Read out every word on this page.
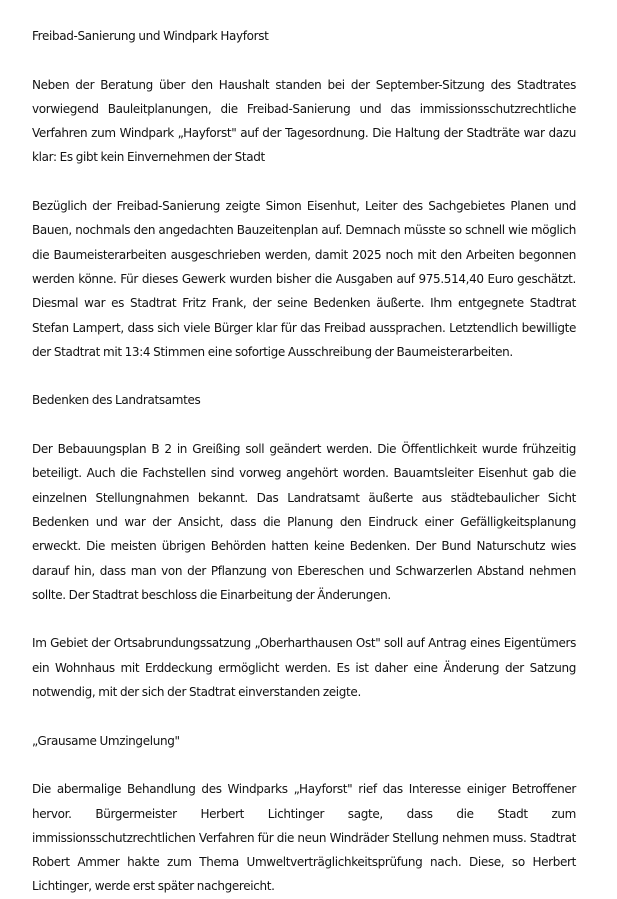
Freibad-Sanierung und Windpark Hayforst

Neben der Beratung über den Haushalt standen bei der September-Sitzung des Stadtrates vorwiegend Bauleitplanungen, die Freibad-Sanierung und das immissionsschutzrechtliche Verfahren zum Windpark „Hayforst" auf der Tagesordnung. Die Haltung der Stadträte war dazu klar: Es gibt kein Einvernehmen der Stadt

Bezüglich der Freibad-Sanierung zeigte Simon Eisenhut, Leiter des Sachgebietes Planen und Bauen, nochmals den angedachten Bauzeitenplan auf. Demnach müsste so schnell wie möglich die Baumeisterarbeiten ausgeschrieben werden, damit 2025 noch mit den Arbeiten begonnen werden könne. Für dieses Gewerk wurden bisher die Ausgaben auf 975.514,40 Euro geschätzt. Diesmal war es Stadtrat Fritz Frank, der seine Bedenken äußerte. Ihm entgegnete Stadtrat Stefan Lampert, dass sich viele Bürger klar für das Freibad aussprachen. Letztendlich bewilligte der Stadtrat mit 13:4 Stimmen eine sofortige Ausschreibung der Baumeisterarbeiten.

Bedenken des Landratsamtes

Der Bebauungsplan B 2 in Greißing soll geändert werden. Die Öffentlichkeit wurde frühzeitig beteiligt. Auch die Fachstellen sind vorweg angehört worden. Bauamtsleiter Eisenhut gab die einzelnen Stellungnahmen bekannt. Das Landratsamt äußerte aus städtebaulicher Sicht Bedenken und war der Ansicht, dass die Planung den Eindruck einer Gefälligkeitsplanung erweckt. Die meisten übrigen Behörden hatten keine Bedenken. Der Bund Naturschutz wies darauf hin, dass man von der Pflanzung von Ebereschen und Schwarzerlen Abstand nehmen sollte. Der Stadtrat beschloss die Einarbeitung der Änderungen.

Im Gebiet der Ortsabrundungssatzung „Oberharthausen Ost" soll auf Antrag eines Eigentümers ein Wohnhaus mit Erddeckung ermöglicht werden. Es ist daher eine Änderung der Satzung notwendig, mit der sich der Stadtrat einverstanden zeigte.

„Grausame Umzingelung"

Die abermalige Behandlung des Windparks „Hayforst" rief das Interesse einiger Betroffener hervor. Bürgermeister Herbert Lichtinger sagte, dass die Stadt zum immissionsschutzrechtlichen Verfahren für die neun Windräder Stellung nehmen muss. Stadtrat Robert Ammer hakte zum Thema Umweltverträglichkeitsprüfung nach. Diese, so Herbert Lichtinger, werde erst später nachgereicht.
